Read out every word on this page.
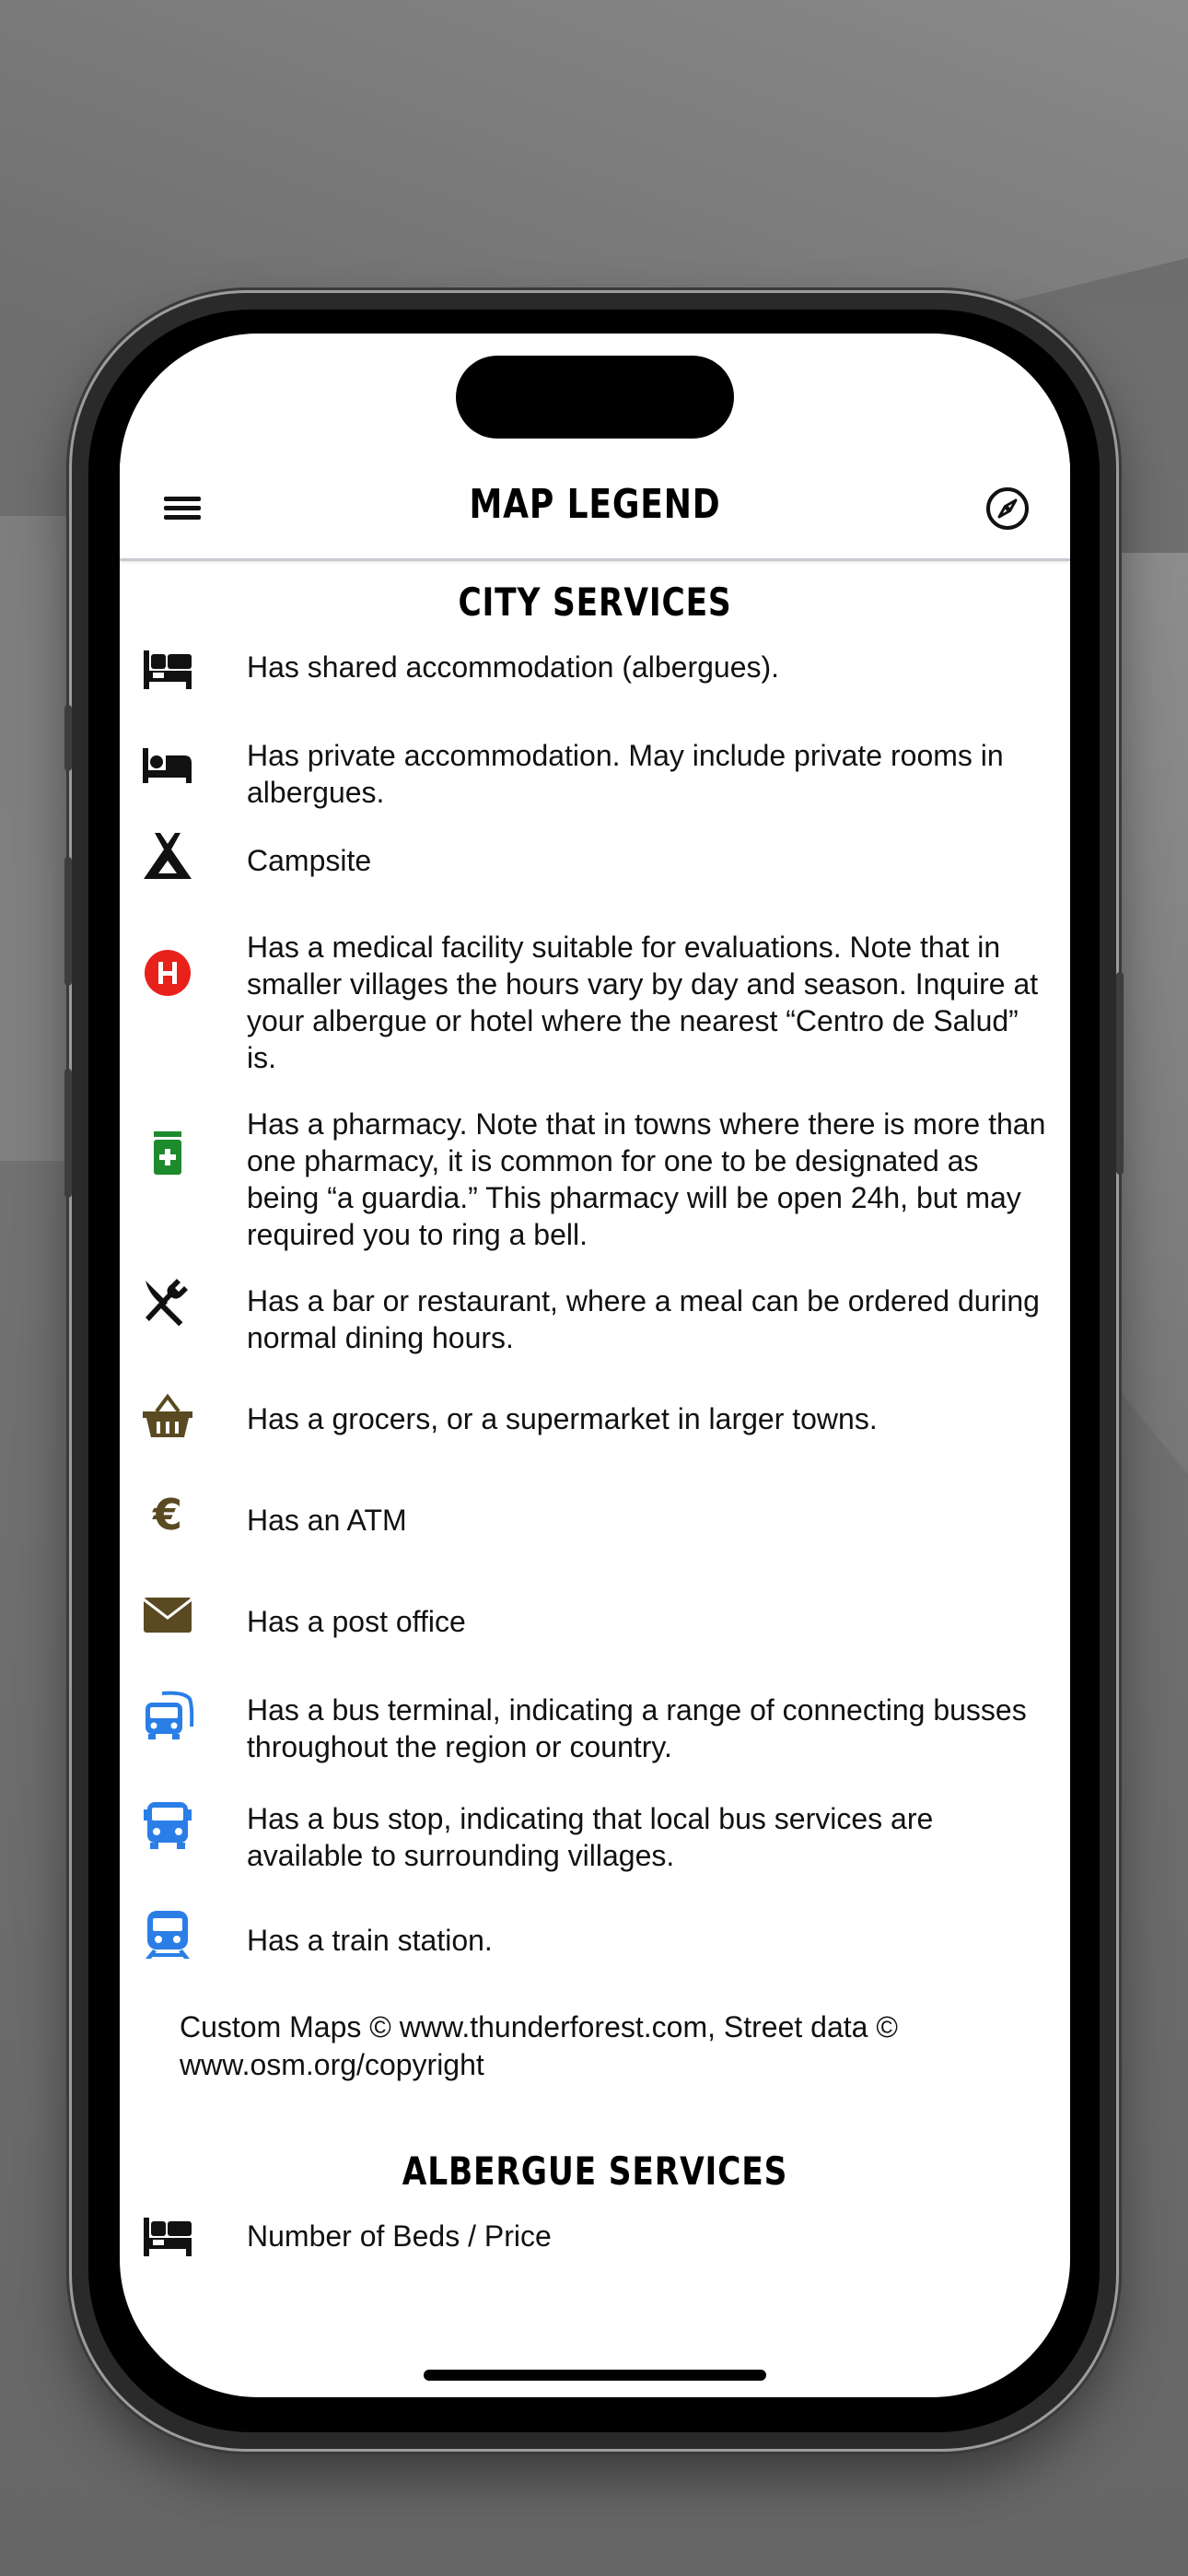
MAP LEGEND
CITY SERVICES
Has shared accommodation (albergues).
Has private accommodation. May include private rooms in albergues.
Campsite
Has a medical facility suitable for evaluations. Note that in smaller villages the hours vary by day and season. Inquire at your albergue or hotel where the nearest “Centro de Salud” is.
Has a pharmacy. Note that in towns where there is more than one pharmacy, it is common for one to be designated as being “a guardia.” This pharmacy will be open 24h, but may required you to ring a bell.
Has a bar or restaurant, where a meal can be ordered during normal dining hours.
Has a grocers, or a supermarket in larger towns.
€ Has an ATM
Has a post office
Has a bus terminal, indicating a range of connecting busses throughout the region or country.
Has a bus stop, indicating that local bus services are available to surrounding villages.
Has a train station.
Custom Maps © www.thunderforest.com, Street data © www.osm.org/copyright
ALBERGUE SERVICES
Number of Beds / Price
